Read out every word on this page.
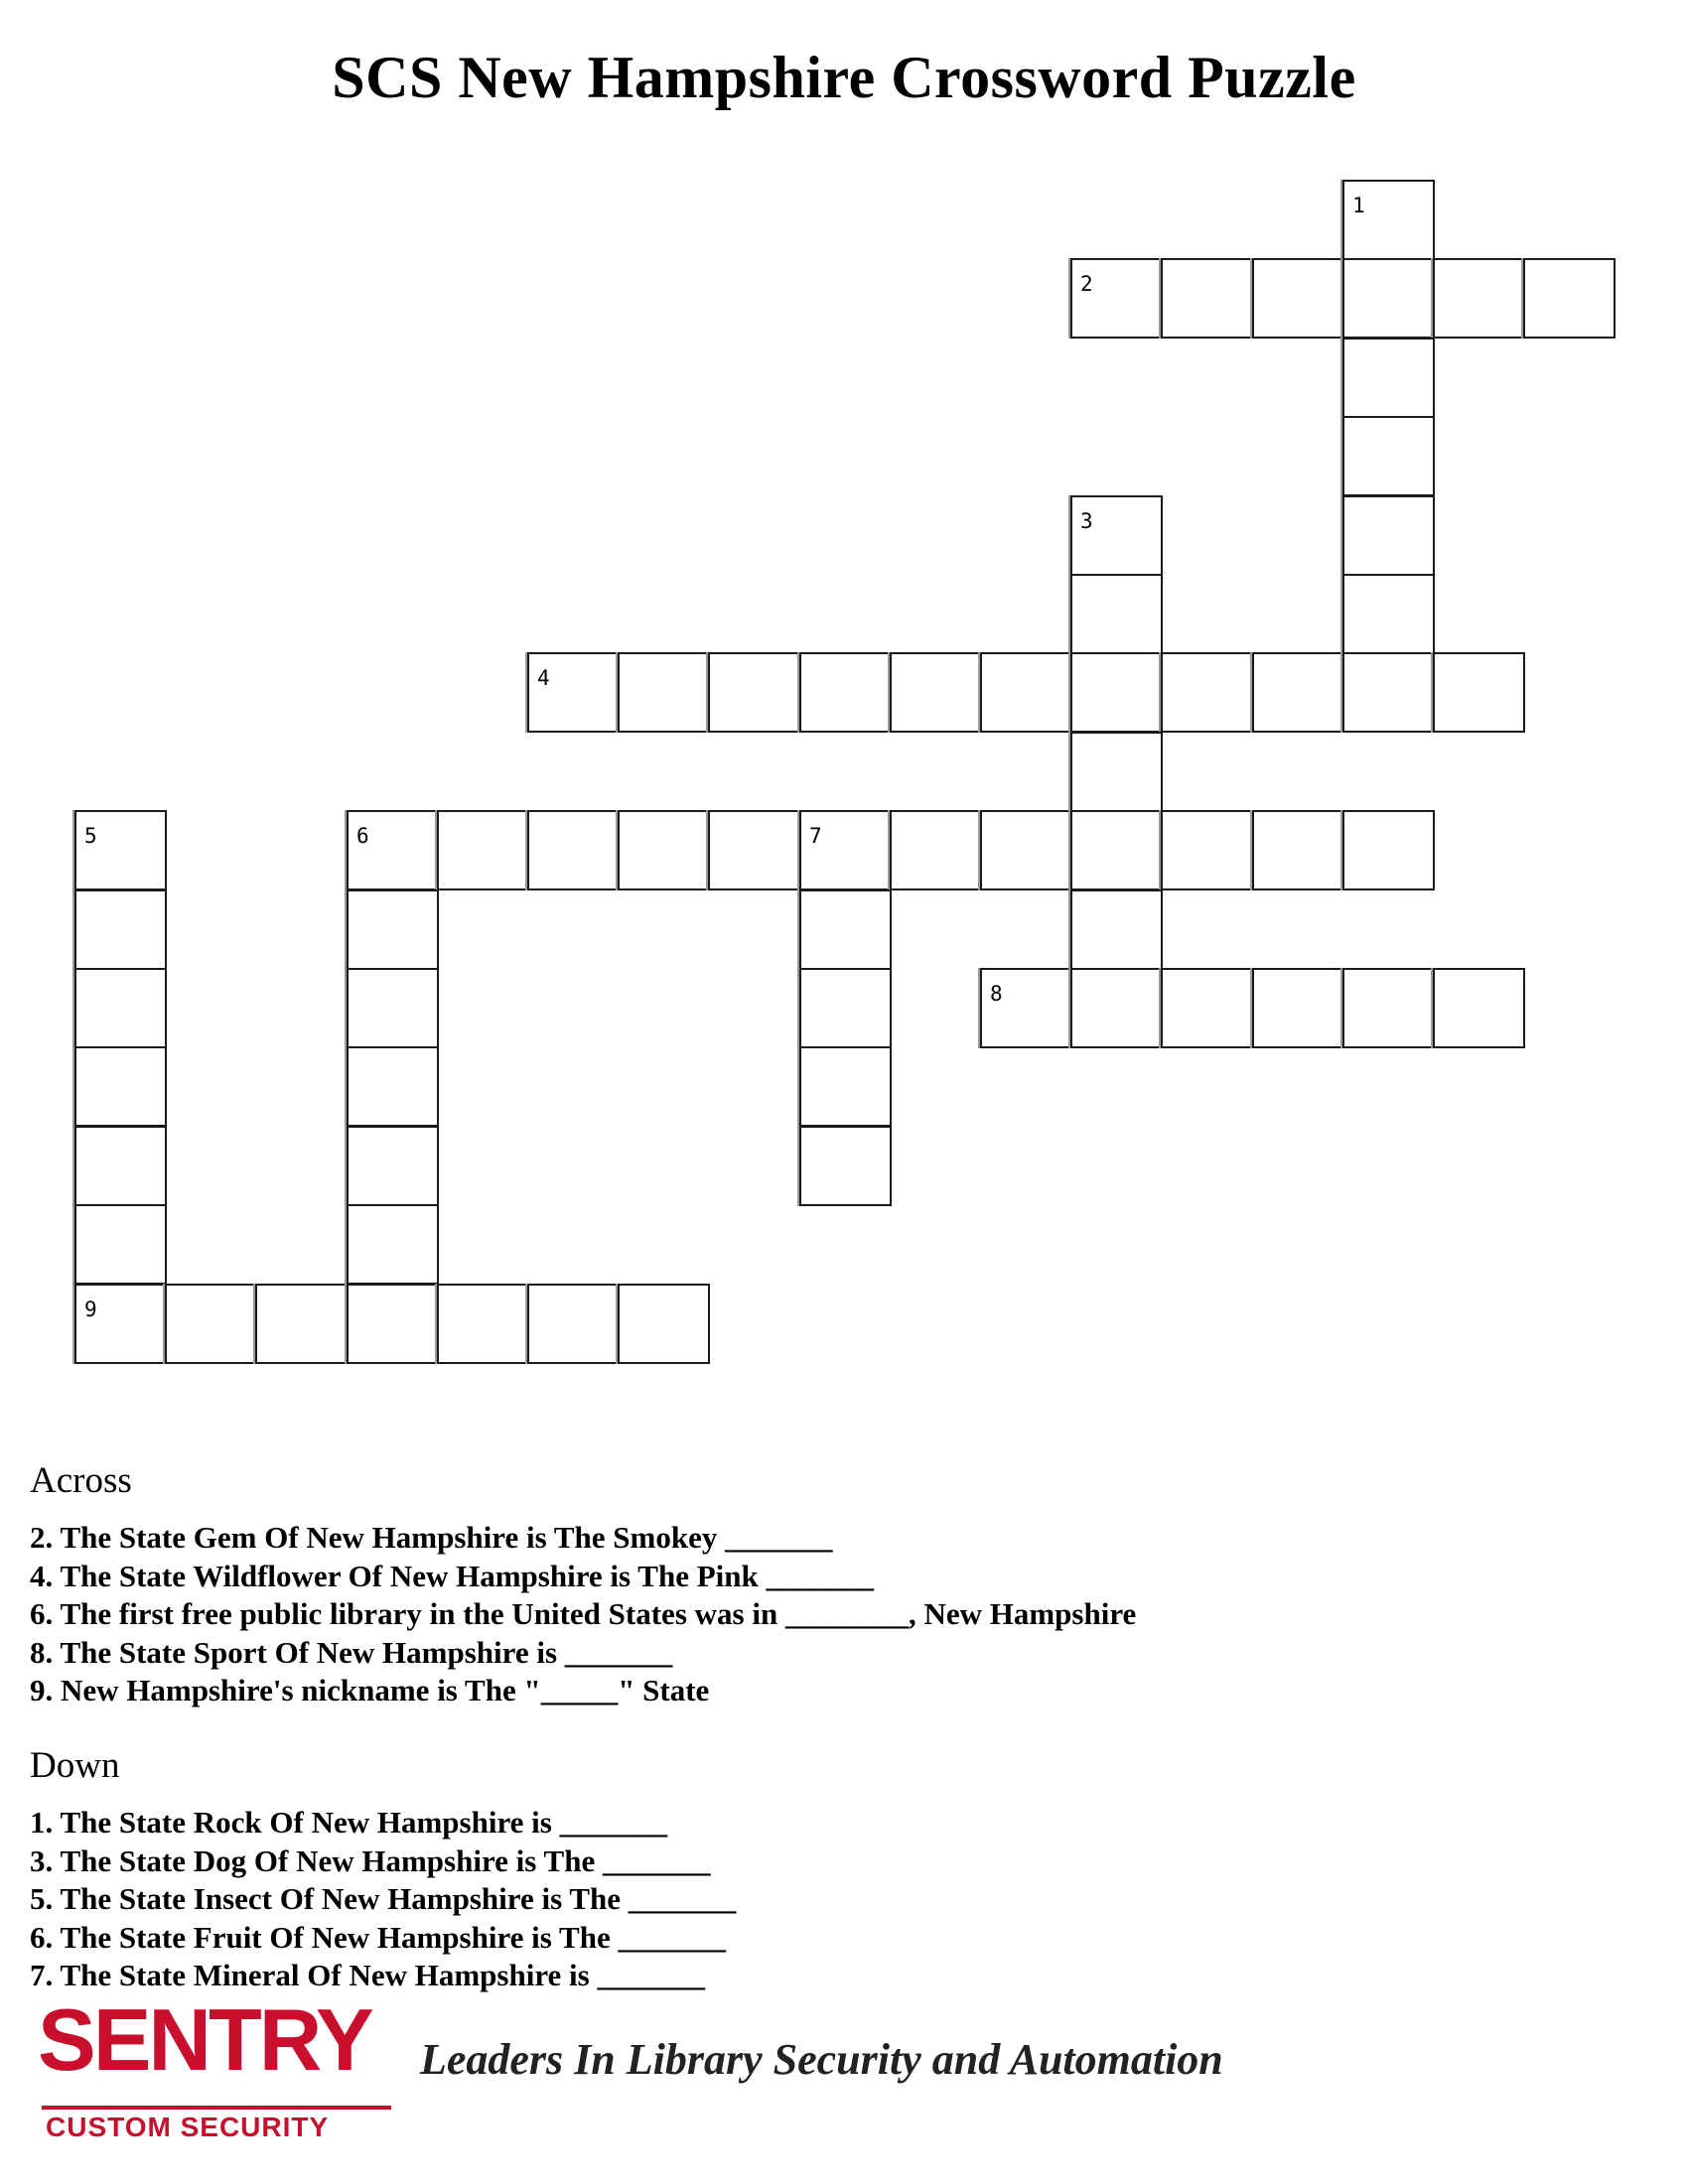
SCS New Hampshire Crossword Puzzle
1
2
3
4
5	6	7
8
9
Across
2. The State Gem Of New Hampshire is The Smokey _______
4. The State Wildflower Of New Hampshire is The Pink _______
6. The first free public library in the United States was in ________, New Hampshire
8. The State Sport Of New Hampshire is _______
9. New Hampshire's nickname is The "_____" State
Down
1. The State Rock Of New Hampshire is _______
3. The State Dog Of New Hampshire is The _______
5. The State Insect Of New Hampshire is The _______
6. The State Fruit Of New Hampshire is The _______
7. The State Mineral Of New Hampshire is _______
SENTRY
CUSTOM SECURITY
Leaders In Library Security and Automation
